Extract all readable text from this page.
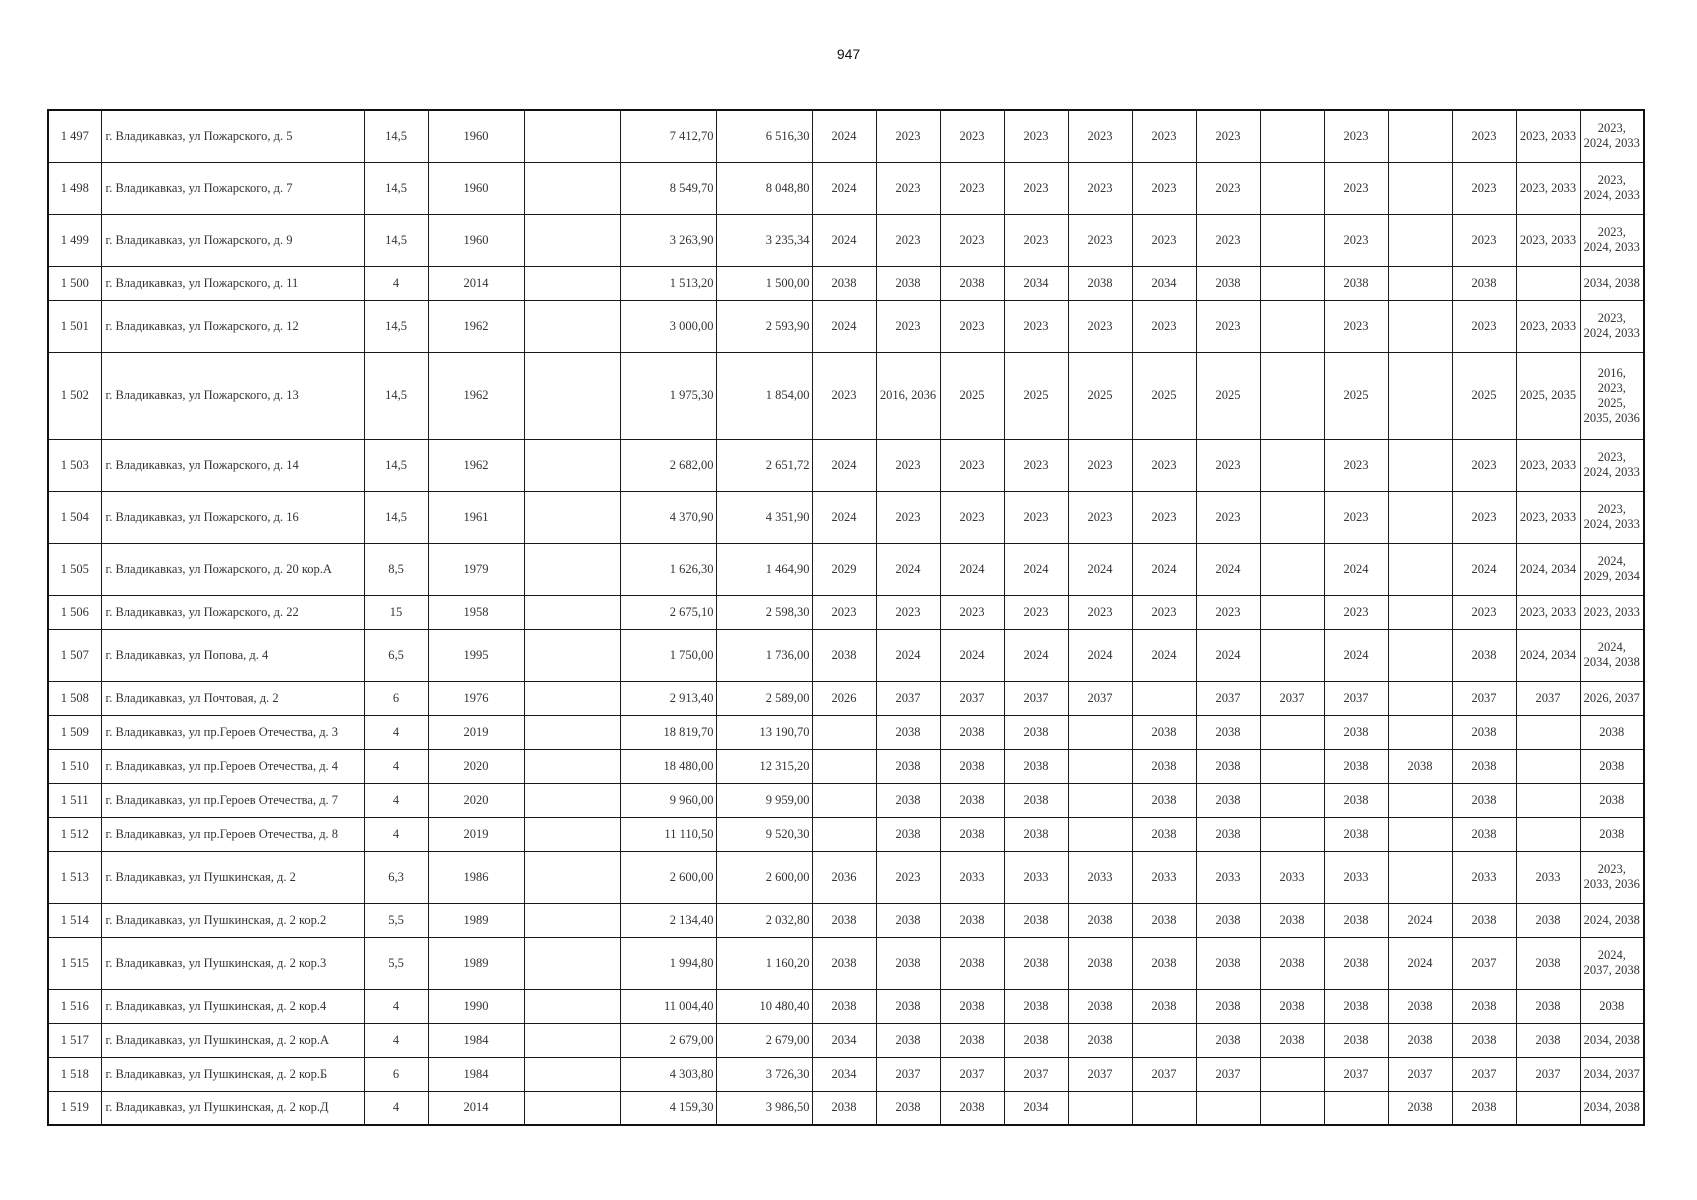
947
1 497	г. Владикавказ, ул Пожарского, д. 5	14,5	1960		7 412,70	6 516,30	2024	2023	2023	2023	2023	2023	2023		2023		2023	2023, 2033	2023, 2024, 2033
1 498	г. Владикавказ, ул Пожарского, д. 7	14,5	1960		8 549,70	8 048,80	2024	2023	2023	2023	2023	2023	2023		2023		2023	2023, 2033	2023, 2024, 2033
1 499	г. Владикавказ, ул Пожарского, д. 9	14,5	1960		3 263,90	3 235,34	2024	2023	2023	2023	2023	2023	2023		2023		2023	2023, 2033	2023, 2024, 2033
1 500	г. Владикавказ, ул Пожарского, д. 11	4	2014		1 513,20	1 500,00	2038	2038	2038	2034	2038	2034	2038		2038		2038		2034, 2038
1 501	г. Владикавказ, ул Пожарского, д. 12	14,5	1962		3 000,00	2 593,90	2024	2023	2023	2023	2023	2023	2023		2023		2023	2023, 2033	2023, 2024, 2033
1 502	г. Владикавказ, ул Пожарского, д. 13	14,5	1962		1 975,30	1 854,00	2023	2016, 2036	2025	2025	2025	2025	2025		2025		2025	2025, 2035	2016, 2023, 2025, 2035, 2036
1 503	г. Владикавказ, ул Пожарского, д. 14	14,5	1962		2 682,00	2 651,72	2024	2023	2023	2023	2023	2023	2023		2023		2023	2023, 2033	2023, 2024, 2033
1 504	г. Владикавказ, ул Пожарского, д. 16	14,5	1961		4 370,90	4 351,90	2024	2023	2023	2023	2023	2023	2023		2023		2023	2023, 2033	2023, 2024, 2033
1 505	г. Владикавказ, ул Пожарского, д. 20 кор.А	8,5	1979		1 626,30	1 464,90	2029	2024	2024	2024	2024	2024	2024		2024		2024	2024, 2034	2024, 2029, 2034
1 506	г. Владикавказ, ул Пожарского, д. 22	15	1958		2 675,10	2 598,30	2023	2023	2023	2023	2023	2023	2023		2023		2023	2023, 2033	2023, 2033
1 507	г. Владикавказ, ул Попова, д. 4	6,5	1995		1 750,00	1 736,00	2038	2024	2024	2024	2024	2024	2024		2024		2038	2024, 2034	2024, 2034, 2038
1 508	г. Владикавказ, ул Почтовая, д. 2	6	1976		2 913,40	2 589,00	2026	2037	2037	2037	2037		2037	2037	2037		2037	2037	2026, 2037
1 509	г. Владикавказ, ул пр.Героев Отечества, д. 3	4	2019		18 819,70	13 190,70		2038	2038	2038		2038	2038		2038		2038		2038
1 510	г. Владикавказ, ул пр.Героев Отечества, д. 4	4	2020		18 480,00	12 315,20		2038	2038	2038		2038	2038		2038	2038	2038		2038
1 511	г. Владикавказ, ул пр.Героев Отечества, д. 7	4	2020		9 960,00	9 959,00		2038	2038	2038		2038	2038		2038		2038		2038
1 512	г. Владикавказ, ул пр.Героев Отечества, д. 8	4	2019		11 110,50	9 520,30		2038	2038	2038		2038	2038		2038		2038		2038
1 513	г. Владикавказ, ул Пушкинская, д. 2	6,3	1986		2 600,00	2 600,00	2036	2023	2033	2033	2033	2033	2033	2033	2033		2033	2033	2023, 2033, 2036
1 514	г. Владикавказ, ул Пушкинская, д. 2 кор.2	5,5	1989		2 134,40	2 032,80	2038	2038	2038	2038	2038	2038	2038	2038	2038	2024	2038	2038	2024, 2038
1 515	г. Владикавказ, ул Пушкинская, д. 2 кор.3	5,5	1989		1 994,80	1 160,20	2038	2038	2038	2038	2038	2038	2038	2038	2038	2024	2037	2038	2024, 2037, 2038
1 516	г. Владикавказ, ул Пушкинская, д. 2 кор.4	4	1990		11 004,40	10 480,40	2038	2038	2038	2038	2038	2038	2038	2038	2038	2038	2038	2038	2038
1 517	г. Владикавказ, ул Пушкинская, д. 2 кор.А	4	1984		2 679,00	2 679,00	2034	2038	2038	2038	2038		2038	2038	2038	2038	2038	2038	2034, 2038
1 518	г. Владикавказ, ул Пушкинская, д. 2 кор.Б	6	1984		4 303,80	3 726,30	2034	2037	2037	2037	2037	2037	2037		2037	2037	2037	2037	2034, 2037
1 519	г. Владикавказ, ул Пушкинская, д. 2 кор.Д	4	2014		4 159,30	3 986,50	2038	2038	2038	2034						2038	2038		2034, 2038
